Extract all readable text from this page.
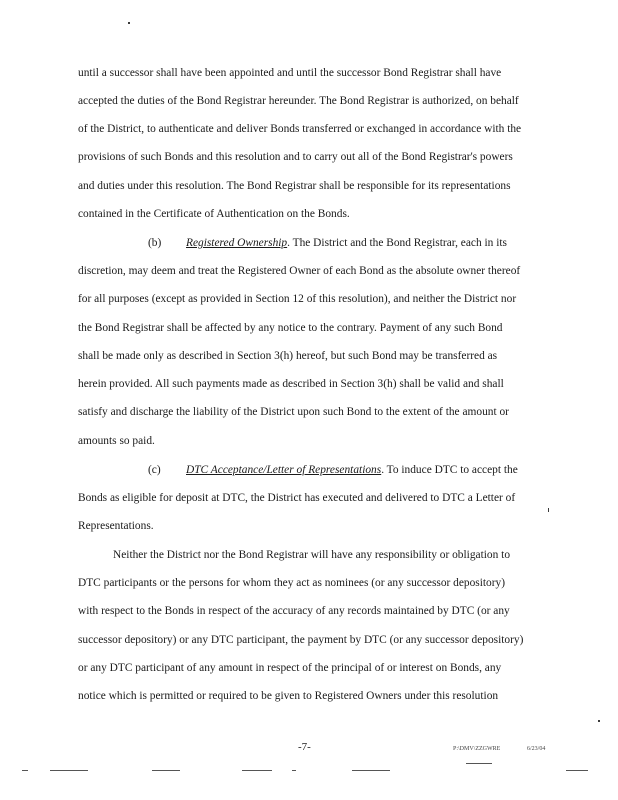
until a successor shall have been appointed and until the successor Bond Registrar shall have
accepted the duties of the Bond Registrar hereunder. The Bond Registrar is authorized, on behalf
of the District, to authenticate and deliver Bonds transferred or exchanged in accordance with the
provisions of such Bonds and this resolution and to carry out all of the Bond Registrar's powers
and duties under this resolution. The Bond Registrar shall be responsible for its representations
contained in the Certificate of Authentication on the Bonds.
(b) Registered Ownership. The District and the Bond Registrar, each in its
discretion, may deem and treat the Registered Owner of each Bond as the absolute owner thereof
for all purposes (except as provided in Section 12 of this resolution), and neither the District nor
the Bond Registrar shall be affected by any notice to the contrary. Payment of any such Bond
shall be made only as described in Section 3(h) hereof, but such Bond may be transferred as
herein provided. All such payments made as described in Section 3(h) shall be valid and shall
satisfy and discharge the liability of the District upon such Bond to the extent of the amount or
amounts so paid.
(c) DTC Acceptance/Letter of Representations. To induce DTC to accept the
Bonds as eligible for deposit at DTC, the District has executed and delivered to DTC a Letter of
Representations.
Neither the District nor the Bond Registrar will have any responsibility or obligation to
DTC participants or the persons for whom they act as nominees (or any successor depository)
with respect to the Bonds in respect of the accuracy of any records maintained by DTC (or any
successor depository) or any DTC participant, the payment by DTC (or any successor depository)
or any DTC participant of any amount in respect of the principal of or interest on Bonds, any
notice which is permitted or required to be given to Registered Owners under this resolution
-7-	P:\DMV\ZZGWRE	6/23/04
